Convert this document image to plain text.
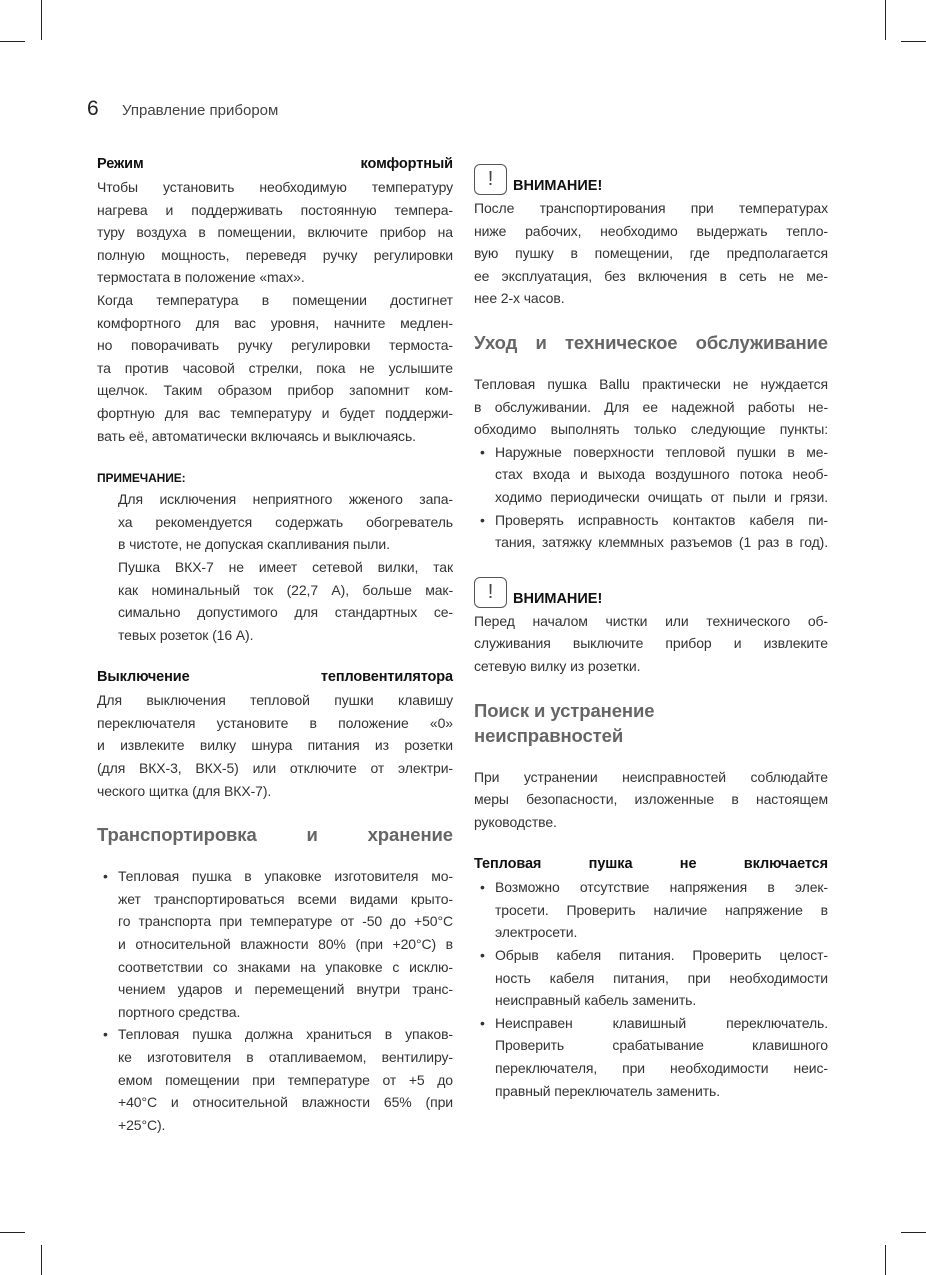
6 Управление прибором
Режим комфортный
Чтобы установить необходимую температуру
нагрева и поддерживать постоянную темпера-
туру воздуха в помещении, включите прибор на
полную мощность, переведя ручку регулировки
термостата в положение «max».
Когда температура в помещении достигнет
комфортного для вас уровня, начните медлен-
но поворачивать ручку регулировки термоста-
та против часовой стрелки, пока не услышите
щелчок. Таким образом прибор запомнит ком-
фортную для вас температуру и будет поддержи-
вать её, автоматически включаясь и выключаясь.
ПРИМЕЧАНИЕ:
Для исключения неприятного жженого запа-
ха рекомендуется содержать обогреватель
в чистоте, не допуская скапливания пыли.
Пушка ВКХ-7 не имеет сетевой вилки, так
как номинальный ток (22,7 А), больше мак-
симально допустимого для стандартных се-
тевых розеток (16 А).
Выключение тепловентилятора
Для выключения тепловой пушки клавишу
переключателя установите в положение «0»
и извлеките вилку шнура питания из розетки
(для ВКХ-3, ВКХ-5) или отключите от электри-
ческого щитка (для ВКХ-7).
Транспортировка и хранение
• Тепловая пушка в упаковке изготовителя мо-
жет транспортироваться всеми видами крыто-
го транспорта при температуре от -50 до +50°С
и относительной влажности 80% (при +20°С) в
соответствии со знаками на упаковке с исклю-
чением ударов и перемещений внутри транс-
портного средства.
• Тепловая пушка должна храниться в упаков-
ке изготовителя в отапливаемом, вентилиру-
емом помещении при температуре от +5 до
+40°С и относительной влажности 65% (при
+25°С).
!	ВНИМАНИЕ!
После транспортирования при температурах
ниже рабочих, необходимо выдержать тепло-
вую пушку в помещении, где предполагается
ее эксплуатация, без включения в сеть не ме-
нее 2-х часов.
Уход и техническое обслуживание
Тепловая пушка Ballu практически не нуждается
в обслуживании. Для ее надежной работы не-
обходимо выполнять только следующие пункты:
• Наружные поверхности тепловой пушки в ме-
стах входа и выхода воздушного потока необ-
ходимо периодически очищать от пыли и грязи.
• Проверять исправность контактов кабеля пи-
тания, затяжку клеммных разъемов (1 раз в год).
!	ВНИМАНИЕ!
Перед началом чистки или технического об-
служивания выключите прибор и извлеките
сетевую вилку из розетки.
Поиск и устранение
неисправностей
При устранении неисправностей соблюдайте
меры безопасности, изложенные в настоящем
руководстве.
Тепловая пушка не включается
• Возможно отсутствие напряжения в элек-
тросети. Проверить наличие напряжение в
электросети.
• Обрыв кабеля питания. Проверить целост-
ность кабеля питания, при необходимости
неисправный кабель заменить.
• Неисправен клавишный переключатель.
Проверить срабатывание клавишного
переключателя, при необходимости неис-
правный переключатель заменить.
